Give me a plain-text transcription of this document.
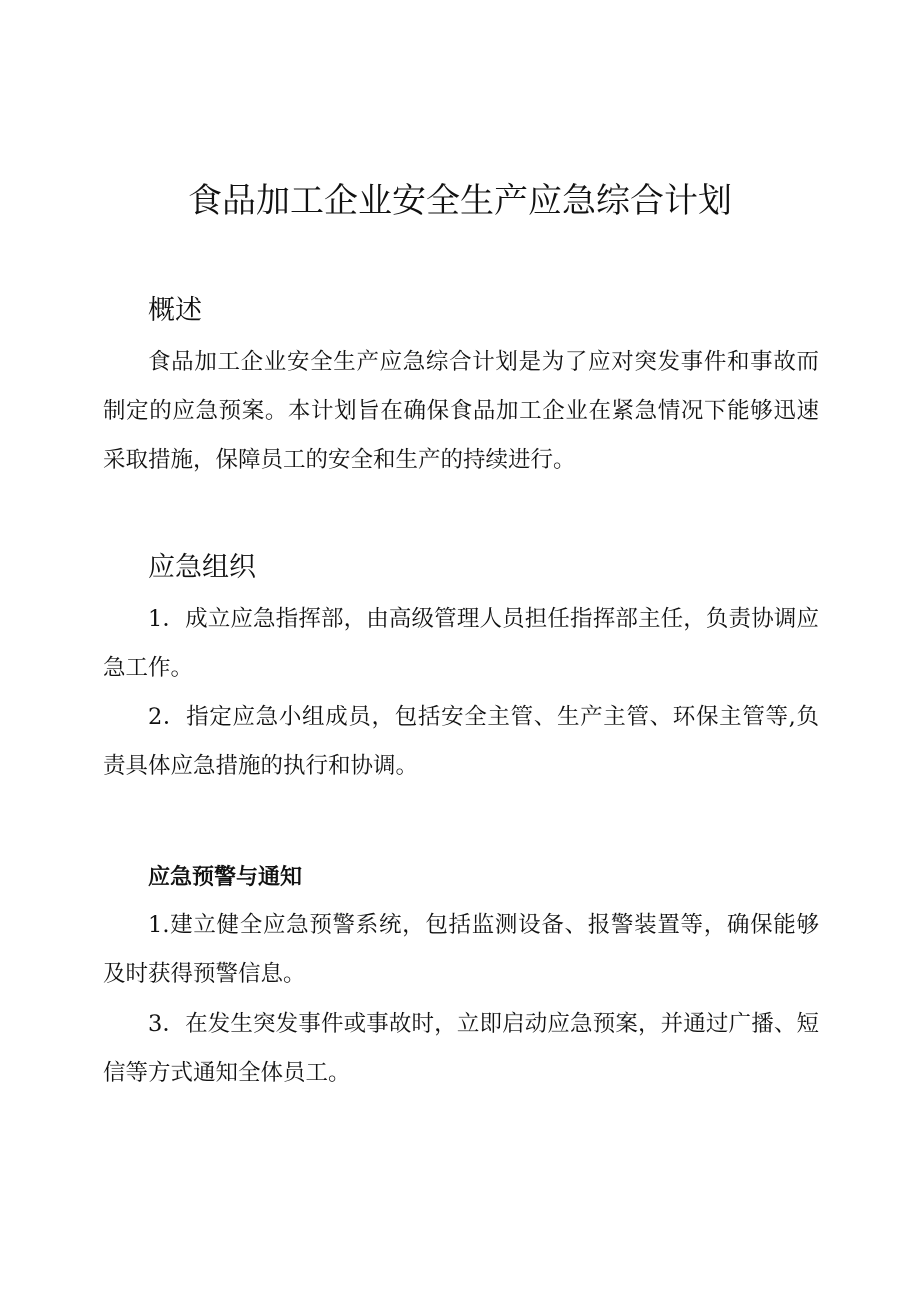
食品加工企业安全生产应急综合计划
概述

食品加工企业安全生产应急综合计划是为了应对突发事件和事故而制定的应急预案。本计划旨在确保食品加工企业在紧急情况下能够迅速采取措施，保障员工的安全和生产的持续进行。

应急组织

1．成立应急指挥部，由高级管理人员担任指挥部主任，负责协调应急工作。

2．指定应急小组成员，包括安全主管、生产主管、环保主管等,负责具体应急措施的执行和协调。

应急预警与通知

1.建立健全应急预警系统，包括监测设备、报警装置等，确保能够及时获得预警信息。

3．在发生突发事件或事故时，立即启动应急预案，并通过广播、短信等方式通知全体员工。
